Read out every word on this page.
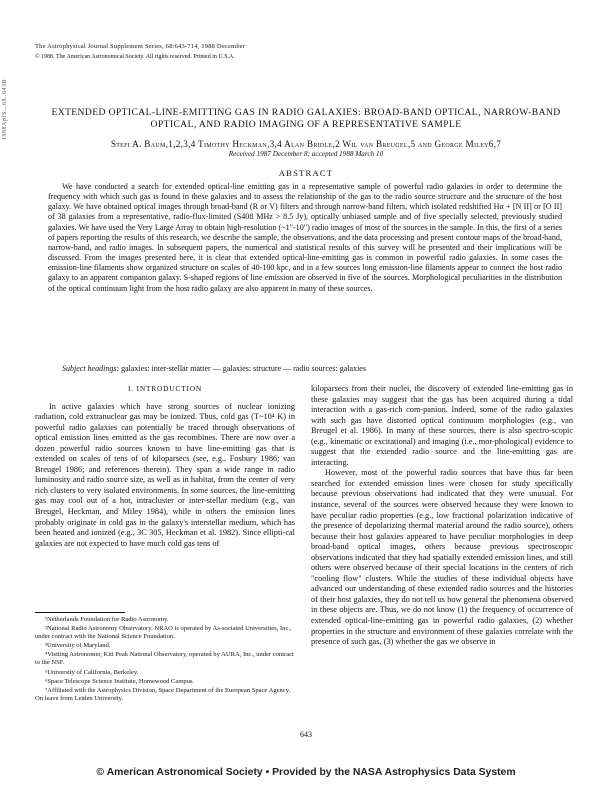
1988ApJS...68..643B
The Astrophysical Journal Supplement Series, 68:643-714, 1988 December
© 1988. The American Astronomical Society. All rights reserved. Printed in U.S.A.
EXTENDED OPTICAL-LINE-EMITTING GAS IN RADIO GALAXIES: BROAD-BAND OPTICAL, NARROW-BAND OPTICAL, AND RADIO IMAGING OF A REPRESENTATIVE SAMPLE
Stefi A. Baum,1,2,3,4 Timothy Heckman,3,4 Alan Bridle,2 Wil van Breugel,5 and George Miley6,7
Received 1987 December 8; accepted 1988 March 10
ABSTRACT

We have conducted a search for extended optical-line emitting gas in a representative sample of powerful radio galaxies in order to determine the frequency with which such gas is found in these galaxies and to assess the relationship of the gas to the radio source structure and the structure of the host galaxy. We have obtained optical images through broad-band (R or V) filters and through narrow-band filters, which isolated redshifted Hα + [N II] or [O II] of 38 galaxies from a representative, radio-flux-limited (S408 MHz > 8.5 Jy), optically unbiased sample and of five specially selected, previously studied galaxies. We have used the Very Large Array to obtain high-resolution (~1"-10") radio images of most of the sources in the sample. In this, the first of a series of papers reporting the results of this research, we describe the sample, the observations, and the data processing and present contour maps of the broad-band, narrow-band, and radio images. In subsequent papers, the numerical and statistical results of this survey will be presented and their implications will be discussed. From the images presented here, it is clear that extended optical-line-emitting gas is common in powerful radio galaxies. In some cases the emission-line filaments show organized structure on scales of 40-100 kpc, and in a few sources long emission-line filaments appear to connect the host radio galaxy to an apparent companion galaxy. S-shaped regions of line emission are observed in five of the sources. Morphological peculiarities in the distribution of the optical continuum light from the host radio galaxy are also apparent in many of these sources.

Subject headings: galaxies: inter-stellar matter — galaxies: structure — radio sources: galaxies
I. INTRODUCTION

In active galaxies which have strong sources of nuclear ionizing radiation, cold extranuclear gas may be ionized. Thus, cold gas (T~10⁴ K) in powerful radio galaxies can potentially be traced through observations of optical emission lines emitted as the gas recombines. There are now over a dozen powerful radio sources known to have line-emitting gas that is extended on scales of tens of of kiloparsecs (see, e.g., Fosbury 1986; van Breugel 1986; and references therein). They span a wide range in radio luminosity and radio source size, as well as in habitat, from the center of very rich clusters to very isolated environments. In some sources, the line-emitting gas may cool out of a hot, intracluster or inter-stellar medium (e.g., van Breugel, Heckman, and Miley 1984), while in others the emission lines probably originate in cold gas in the galaxy's interstellar medium, which has been heated and ionized (e.g., 3C 305, Heckman et al. 1982). Since ellipti-cal galaxies are not expected to have much cold gas tens of

kiloparsecs from their nuclei, the discovery of extended line-emitting gas in these galaxies may suggest that the gas has been acquired during a tidal interaction with a gas-rich com-panion. Indeed, some of the radio galaxies with such gas have distorted optical continuum morphologies (e.g., van Breugel et al. 1986). In many of these sources, there is also spectro-scopic (e.g., kinematic or excitational) and imaging (i.e., mor-phological) evidence to suggest that the extended radio source and the line-emitting gas are interacting.

However, most of the powerful radio sources that have thus far been searched for extended emission lines were chosen for study specifically because previous observations had indicated that they were unusual. For instance, several of the sources were observed because they were known to have peculiar radio properties (e.g., low fractional polarization indicative of the presence of depolarizing thermal material around the radio source), others because their host galaxies appeared to have peculiar morphologies in deep broad-band optical images, others because previous spectroscopic observations indicated that they had spatially extended emission lines, and still others were observed because of their special locations in the centers of rich "cooling flow" clusters. While the studies of these individual objects have advanced our understanding of these extended radio sources and the histories of their host galaxies, they do not tell us how general the phenomena observed in these objects are. Thus, we do not know (1) the frequency of occurrence of extended optical-line-emitting gas in powerful radio galaxies, (2) whether properties in the structure and environment of these galaxies correlate with the presence of such gas, (3) whether the gas we observe in

¹Netherlands Foundation for Radio Astronomy.

²National Radio Astronomy Observatory. NRAO is operated by As-sociated Universities, Inc., under contract with the National Science Foundation.

³University of Maryland.

⁴Visiting Astronomer, Kitt Peak National Observatory, operated by AURA, Inc., under contract to the NSF.

⁵University of California, Berkeley.

⁶Space Telescope Science Institute, Homewood Campus.

⁷Affiliated with the Astrophysics Division, Space Department of the European Space Agency. On leave from Leiden University.

643
© American Astronomical Society • Provided by the NASA Astrophysics Data System
